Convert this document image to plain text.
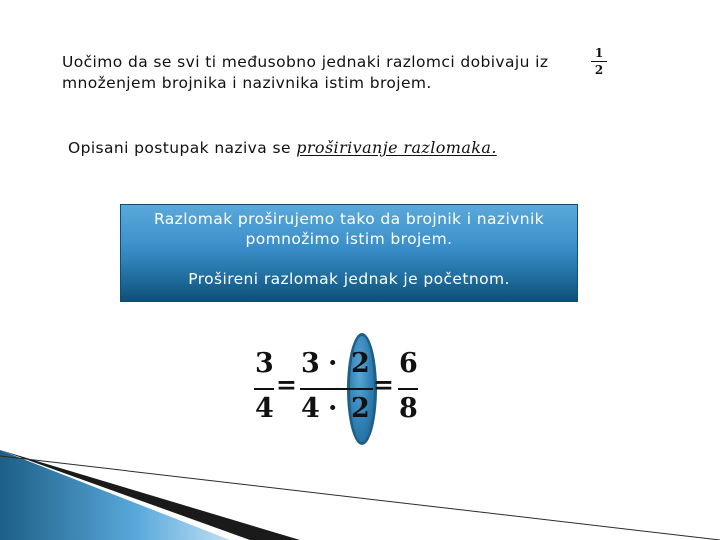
Uočimo da se svi ti međusobno jednaki razlomci dobivaju iz
množenjem brojnika i nazivnika istim brojem.
1
2
Opisani postupak naziva se proširivanje razlomaka.
Razlomak proširujemo tako da brojnik i nazivnik
pomnožimo istim brojem.
Prošireni razlomak jednak je početnom.
3
4
=
3 · 2
4 · 2
=
6
8
